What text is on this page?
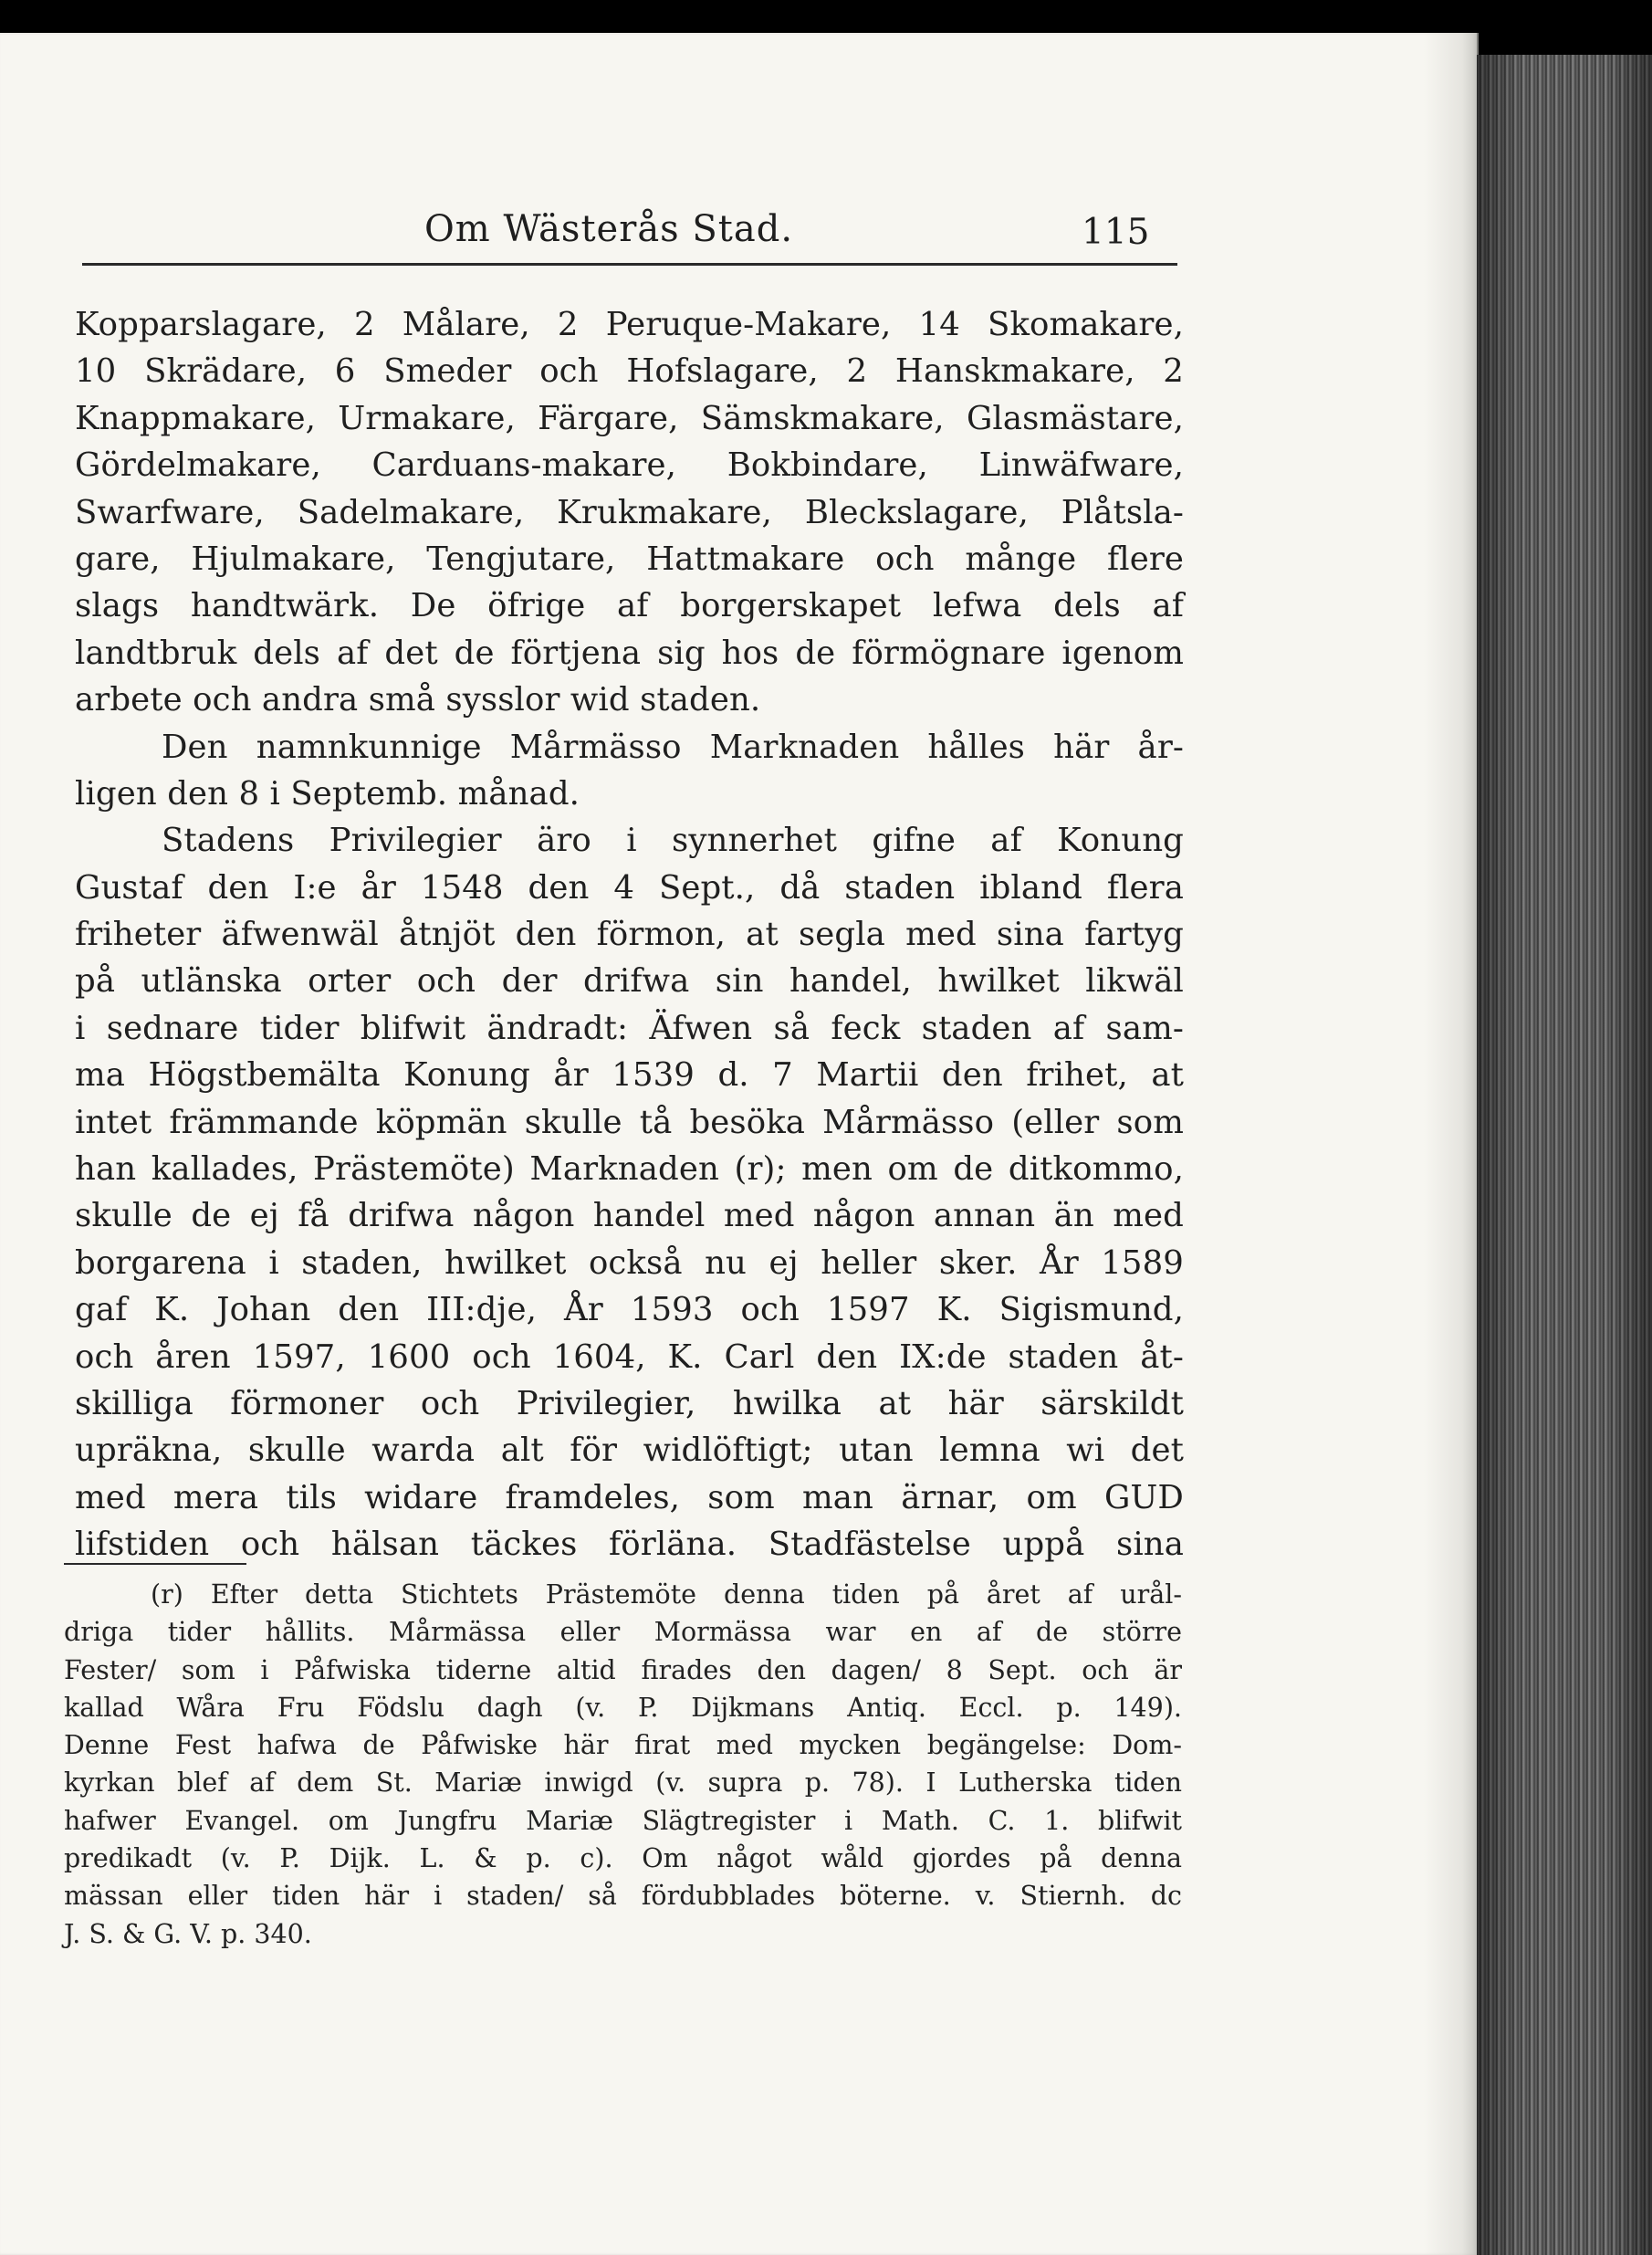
Om Wästerås Stad.	115
Kopparslagare, 2 Målare, 2 Peruque-Makare, 14 Skomakare,
10 Skrädare, 6 Smeder och Hofslagare, 2 Hanskmakare, 2
Knappmakare, Urmakare, Färgare, Sämskmakare, Glasmästare,
Gördelmakare, Carduans-makare, Bokbindare, Linwäfware,
Swarfware, Sadelmakare, Krukmakare, Bleckslagare, Plåtsla-
gare, Hjulmakare, Tengjutare, Hattmakare och månge flere
slags handtwärk. De öfrige af borgerskapet lefwa dels af
landtbruk dels af det de förtjena sig hos de förmögnare igenom
arbete och andra små sysslor wid staden.
Den namnkunnige Mårmässo Marknaden hålles här år-
ligen den 8 i Septemb. månad.
Stadens Privilegier äro i synnerhet gifne af Konung
Gustaf den I:e år 1548 den 4 Sept., då staden ibland flera
friheter äfwenwäl åtnjöt den förmon, at segla med sina fartyg
på utlänska orter och der drifwa sin handel, hwilket likwäl
i sednare tider blifwit ändradt: Äfwen så feck staden af sam-
ma Högstbemälta Konung år 1539 d. 7 Martii den frihet, at
intet främmande köpmän skulle tå besöka Mårmässo (eller som
han kallades, Prästemöte) Marknaden (r); men om de ditkommo,
skulle de ej få drifwa någon handel med någon annan än med
borgarena i staden, hwilket också nu ej heller sker. År 1589
gaf K. Johan den III:dje, År 1593 och 1597 K. Sigismund,
och åren 1597, 1600 och 1604, K. Carl den IX:de staden åt-
skilliga förmoner och Privilegier, hwilka at här särskildt
upräkna, skulle warda alt för widlöftigt; utan lemna wi det
med mera tils widare framdeles, som man ärnar, om GUD
lifstiden och hälsan täckes förläna. Stadfästelse uppå sina
(r) Efter detta Stichtets Prästemöte denna tiden på året af urål-
driga tider hållits. Mårmässa eller Mormässa war en af de större
Fester/ som i Påfwiska tiderne altid firades den dagen/ 8 Sept. och är
kallad Wåra Fru Födslu dagh (v. P. Dijkmans Antiq. Eccl. p. 149).
Denne Fest hafwa de Påfwiske här firat med mycken begängelse: Dom-
kyrkan blef af dem St. Mariæ inwigd (v. supra p. 78). I Lutherska tiden
hafwer Evangel. om Jungfru Mariæ Slägtregister i Math. C. 1. blifwit
predikadt (v. P. Dijk. L. & p. c). Om något wåld gjordes på denna
mässan eller tiden här i staden/ så fördubblades böterne. v. Stiernh. dc
J. S. & G. V. p. 340.
